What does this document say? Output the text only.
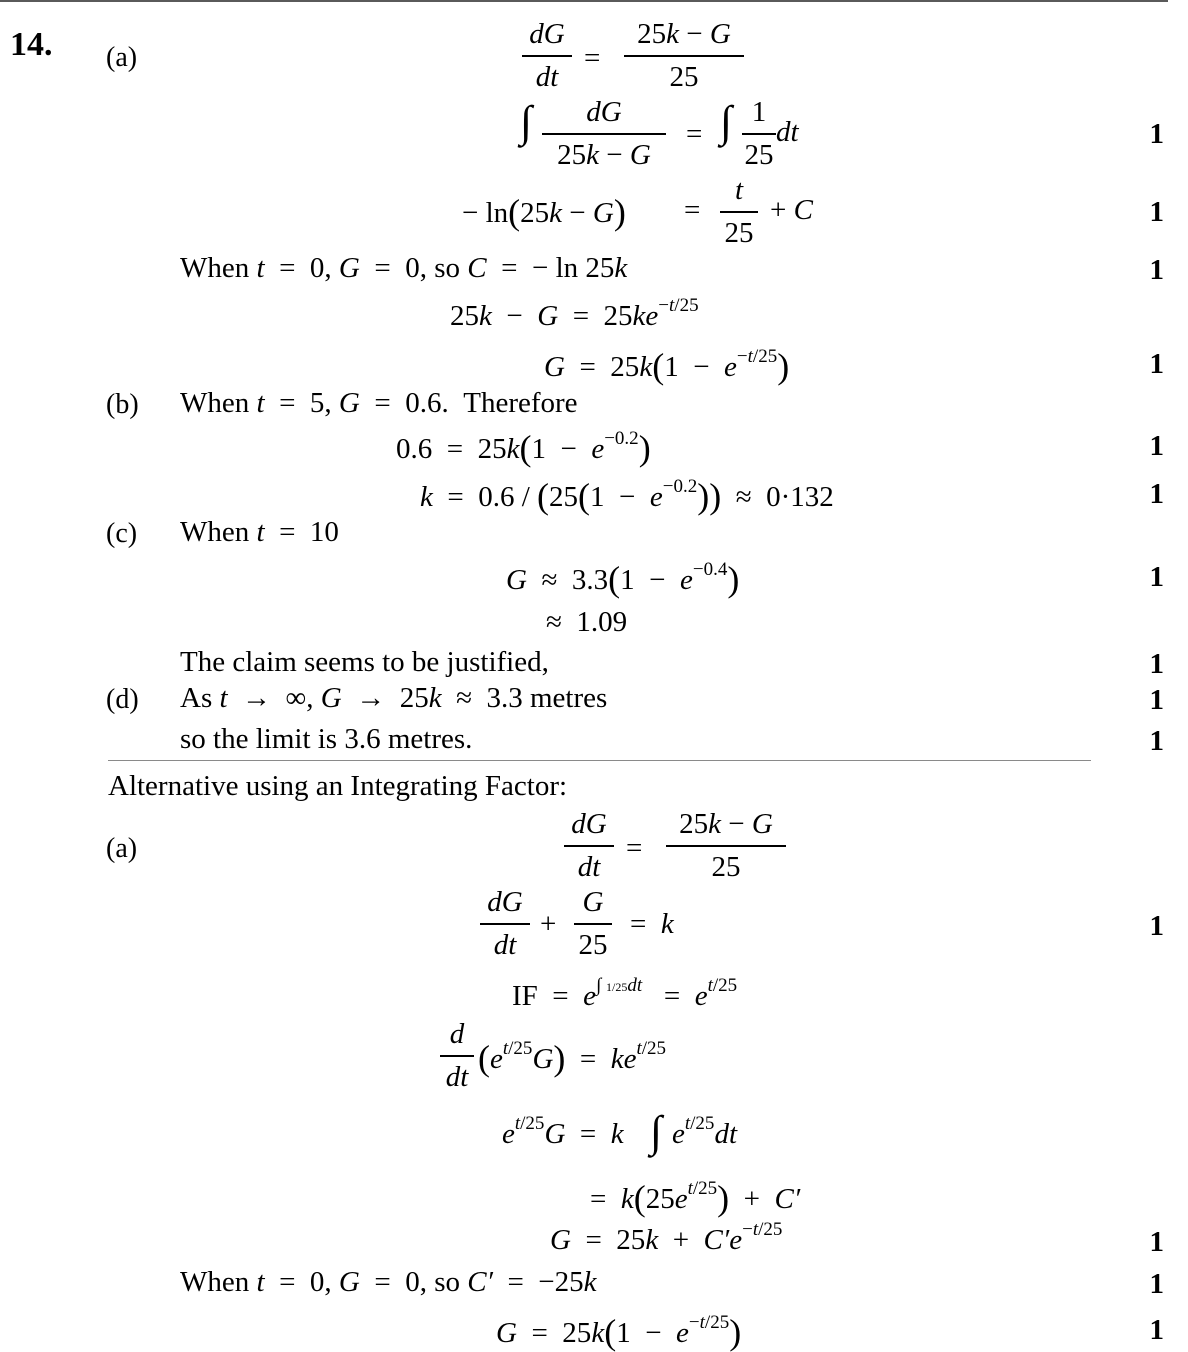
14. (a)
(b)
(c)
(d)
(a)
dG
dt
=
25k − G
25
∫	dG
25k − G
= ∫ 1
25
dt	1
− ln(25k − G) =
t
25
+ C	1
When t  =  0, G  =  0, so C  =  − ln 25k	1
$25k - G = 25ke^{-t/25}$
$G = 25k(1 - e^{-t/25})$	1
When t  =  5, G  =  0.6.  Therefore
$0.6 = 25k(1 - e^{-0.2})$	1
$k = 0.6 / (25(1 - e^{-0.2})) \approx 0\cdot 132$	1
When t  =  10
$G \approx 3.3(1 - e^{-0.4})$	1
≈  1.09
The claim seems to be justified,	1
As t  →  ∞, G  →  25k  ≈  3.3 metres	1
so the limit is 3.6 metres.	1
Alternative using an Integrating Factor:
dG
dt
=
25k − G
25
dG
dt
+
G
25
=  k	1
IF  =  $e^{\int 1/25dt} = e^{t/25}$
d
dt $(e^{t/25}G) = ke^{t/25}$
$e^{t/25}G = k$ ∫ $e^{t/25}dt$
=  $k(25e^{t/25}) + C'$
$G = 25k + C'e^{-t/25}$	1
When t  =  0, G  =  0, so C′  =  −25k	1
$G = 25k(1 - e^{-t/25})$	1
